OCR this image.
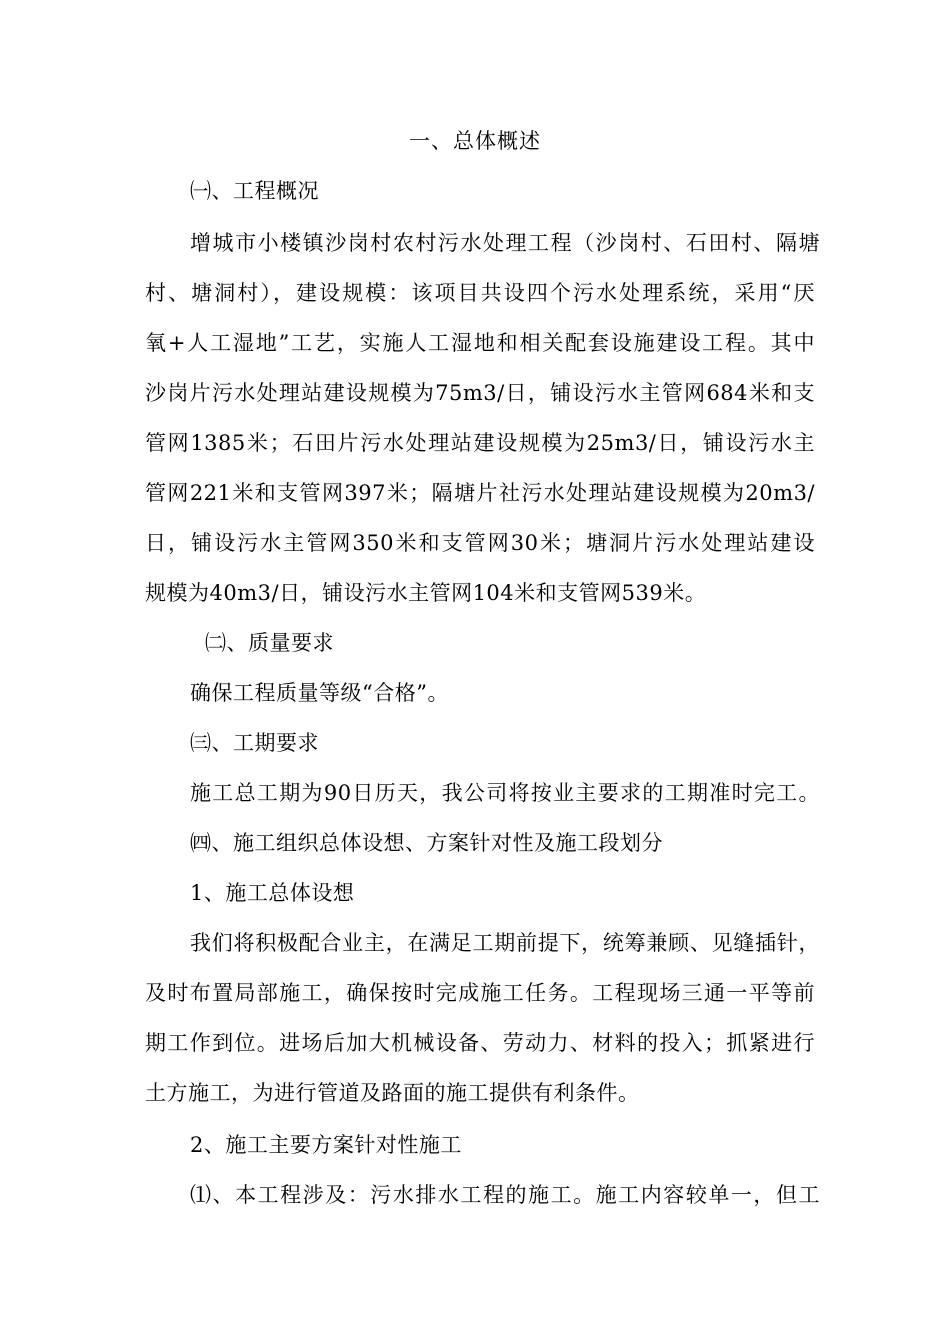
一、总体概述
㈠、工程概况
增城市小楼镇沙岗村农村污水处理工程（沙岗村、石田村、隔塘
村、塘洞村），建设规模：该项目共设四个污水处理系统，采用“厌
氧+人工湿地”工艺，实施人工湿地和相关配套设施建设工程。其中
沙岗片污水处理站建设规模为75m3/日，铺设污水主管网684米和支
管网1385米；石田片污水处理站建设规模为25m3/日，铺设污水主
管网221米和支管网397米；隔塘片社污水处理站建设规模为20m3/
日，铺设污水主管网350米和支管网30米；塘洞片污水处理站建设
规模为40m3/日，铺设污水主管网104米和支管网539米。
㈡、质量要求
确保工程质量等级“合格”。
㈢、工期要求
施工总工期为90日历天，我公司将按业主要求的工期准时完工。
㈣、施工组织总体设想、方案针对性及施工段划分
1、施工总体设想
我们将积极配合业主，在满足工期前提下，统筹兼顾、见缝插针，
及时布置局部施工，确保按时完成施工任务。工程现场三通一平等前
期工作到位。进场后加大机械设备、劳动力、材料的投入；抓紧进行
土方施工，为进行管道及路面的施工提供有利条件。
2、施工主要方案针对性施工
⑴、本工程涉及：污水排水工程的施工。施工内容较单一，但工
